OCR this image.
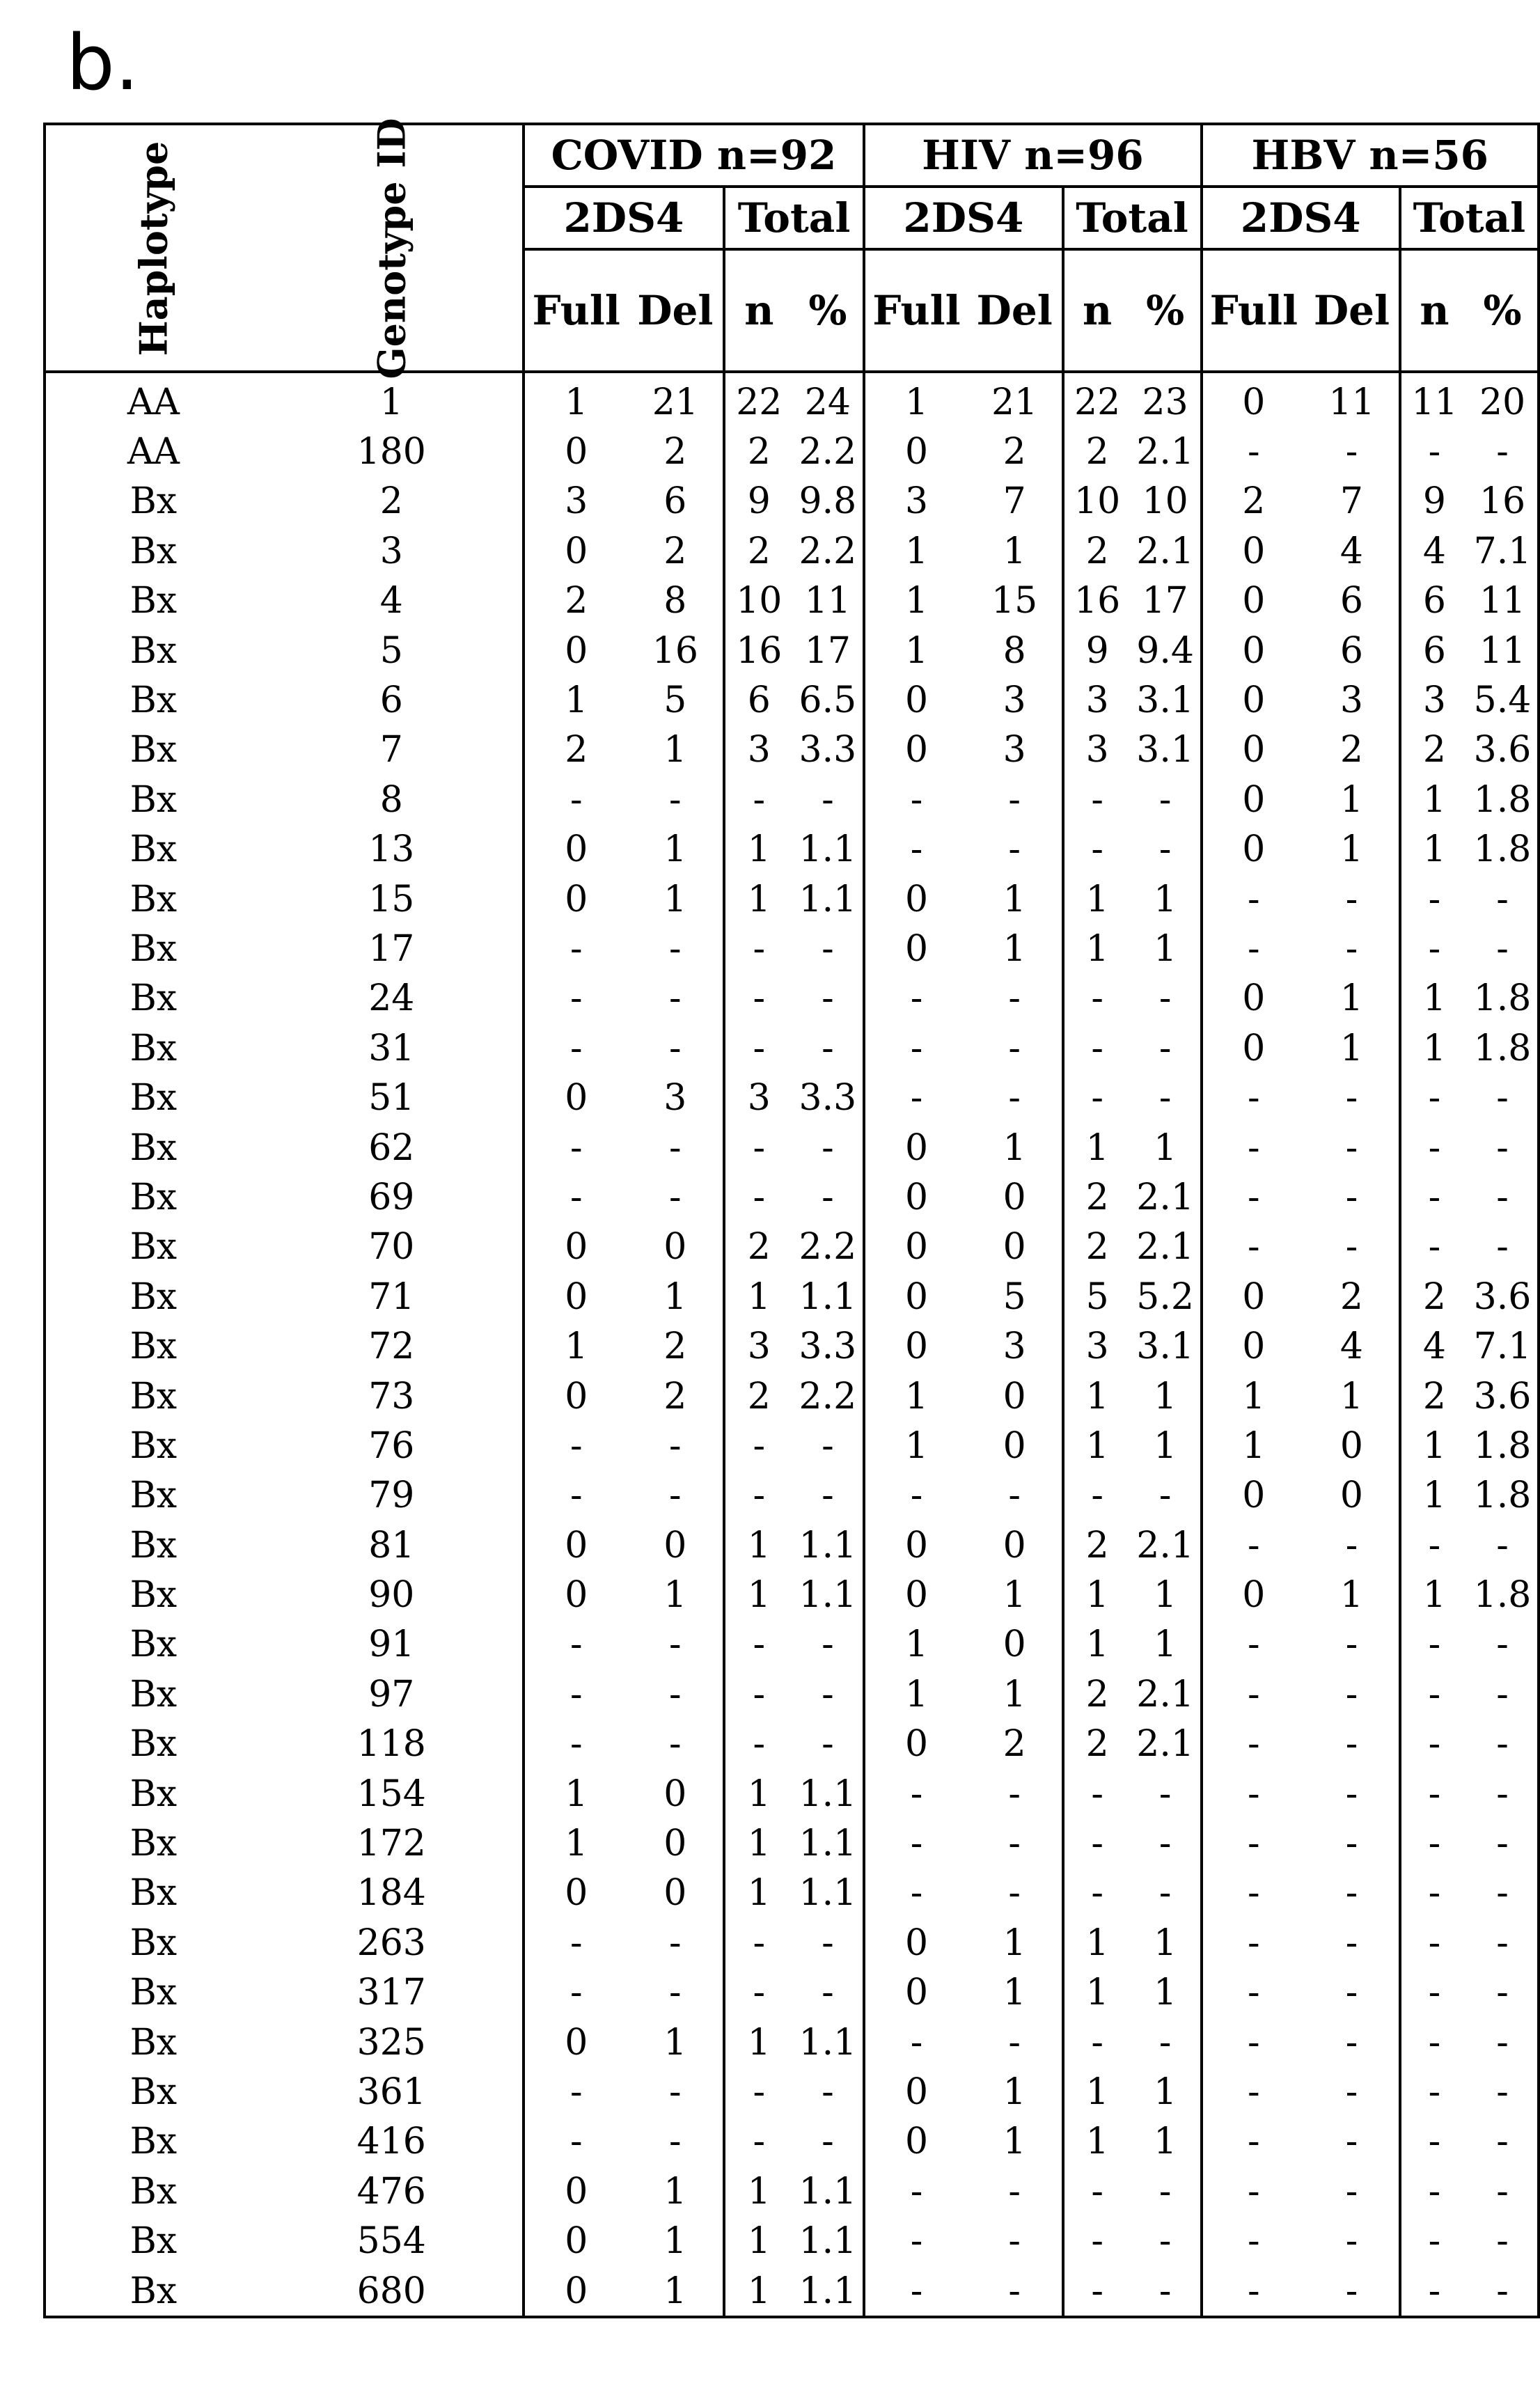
b.
Haplotype	Genotype ID	COVID n=92				HIV n=96				HBV n=56			
		2DS4		Total		2DS4		Total		2DS4		Total	
		Full	Del	n	%	Full	Del	n	%	Full	Del	n	%
AA	1	1	21	22	24	1	21	22	23	0	11	11	20
AA	180	0	2	2	2.2	0	2	2	2.1	-	-	-	-
Bx	2	3	6	9	9.8	3	7	10	10	2	7	9	16
Bx	3	0	2	2	2.2	1	1	2	2.1	0	4	4	7.1
Bx	4	2	8	10	11	1	15	16	17	0	6	6	11
Bx	5	0	16	16	17	1	8	9	9.4	0	6	6	11
Bx	6	1	5	6	6.5	0	3	3	3.1	0	3	3	5.4
Bx	7	2	1	3	3.3	0	3	3	3.1	0	2	2	3.6
Bx	8	-	-	-	-	-	-	-	-	0	1	1	1.8
Bx	13	0	1	1	1.1	-	-	-	-	0	1	1	1.8
Bx	15	0	1	1	1.1	0	1	1	1	-	-	-	-
Bx	17	-	-	-	-	0	1	1	1	-	-	-	-
Bx	24	-	-	-	-	-	-	-	-	0	1	1	1.8
Bx	31	-	-	-	-	-	-	-	-	0	1	1	1.8
Bx	51	0	3	3	3.3	-	-	-	-	-	-	-	-
Bx	62	-	-	-	-	0	1	1	1	-	-	-	-
Bx	69	-	-	-	-	0	0	2	2.1	-	-	-	-
Bx	70	0	0	2	2.2	0	0	2	2.1	-	-	-	-
Bx	71	0	1	1	1.1	0	5	5	5.2	0	2	2	3.6
Bx	72	1	2	3	3.3	0	3	3	3.1	0	4	4	7.1
Bx	73	0	2	2	2.2	1	0	1	1	1	1	2	3.6
Bx	76	-	-	-	-	1	0	1	1	1	0	1	1.8
Bx	79	-	-	-	-	-	-	-	-	0	0	1	1.8
Bx	81	0	0	1	1.1	0	0	2	2.1	-	-	-	-
Bx	90	0	1	1	1.1	0	1	1	1	0	1	1	1.8
Bx	91	-	-	-	-	1	0	1	1	-	-	-	-
Bx	97	-	-	-	-	1	1	2	2.1	-	-	-	-
Bx	118	-	-	-	-	0	2	2	2.1	-	-	-	-
Bx	154	1	0	1	1.1	-	-	-	-	-	-	-	-
Bx	172	1	0	1	1.1	-	-	-	-	-	-	-	-
Bx	184	0	0	1	1.1	-	-	-	-	-	-	-	-
Bx	263	-	-	-	-	0	1	1	1	-	-	-	-
Bx	317	-	-	-	-	0	1	1	1	-	-	-	-
Bx	325	0	1	1	1.1	-	-	-	-	-	-	-	-
Bx	361	-	-	-	-	0	1	1	1	-	-	-	-
Bx	416	-	-	-	-	0	1	1	1	-	-	-	-
Bx	476	0	1	1	1.1	-	-	-	-	-	-	-	-
Bx	554	0	1	1	1.1	-	-	-	-	-	-	-	-
Bx	680	0	1	1	1.1	-	-	-	-	-	-	-	-
